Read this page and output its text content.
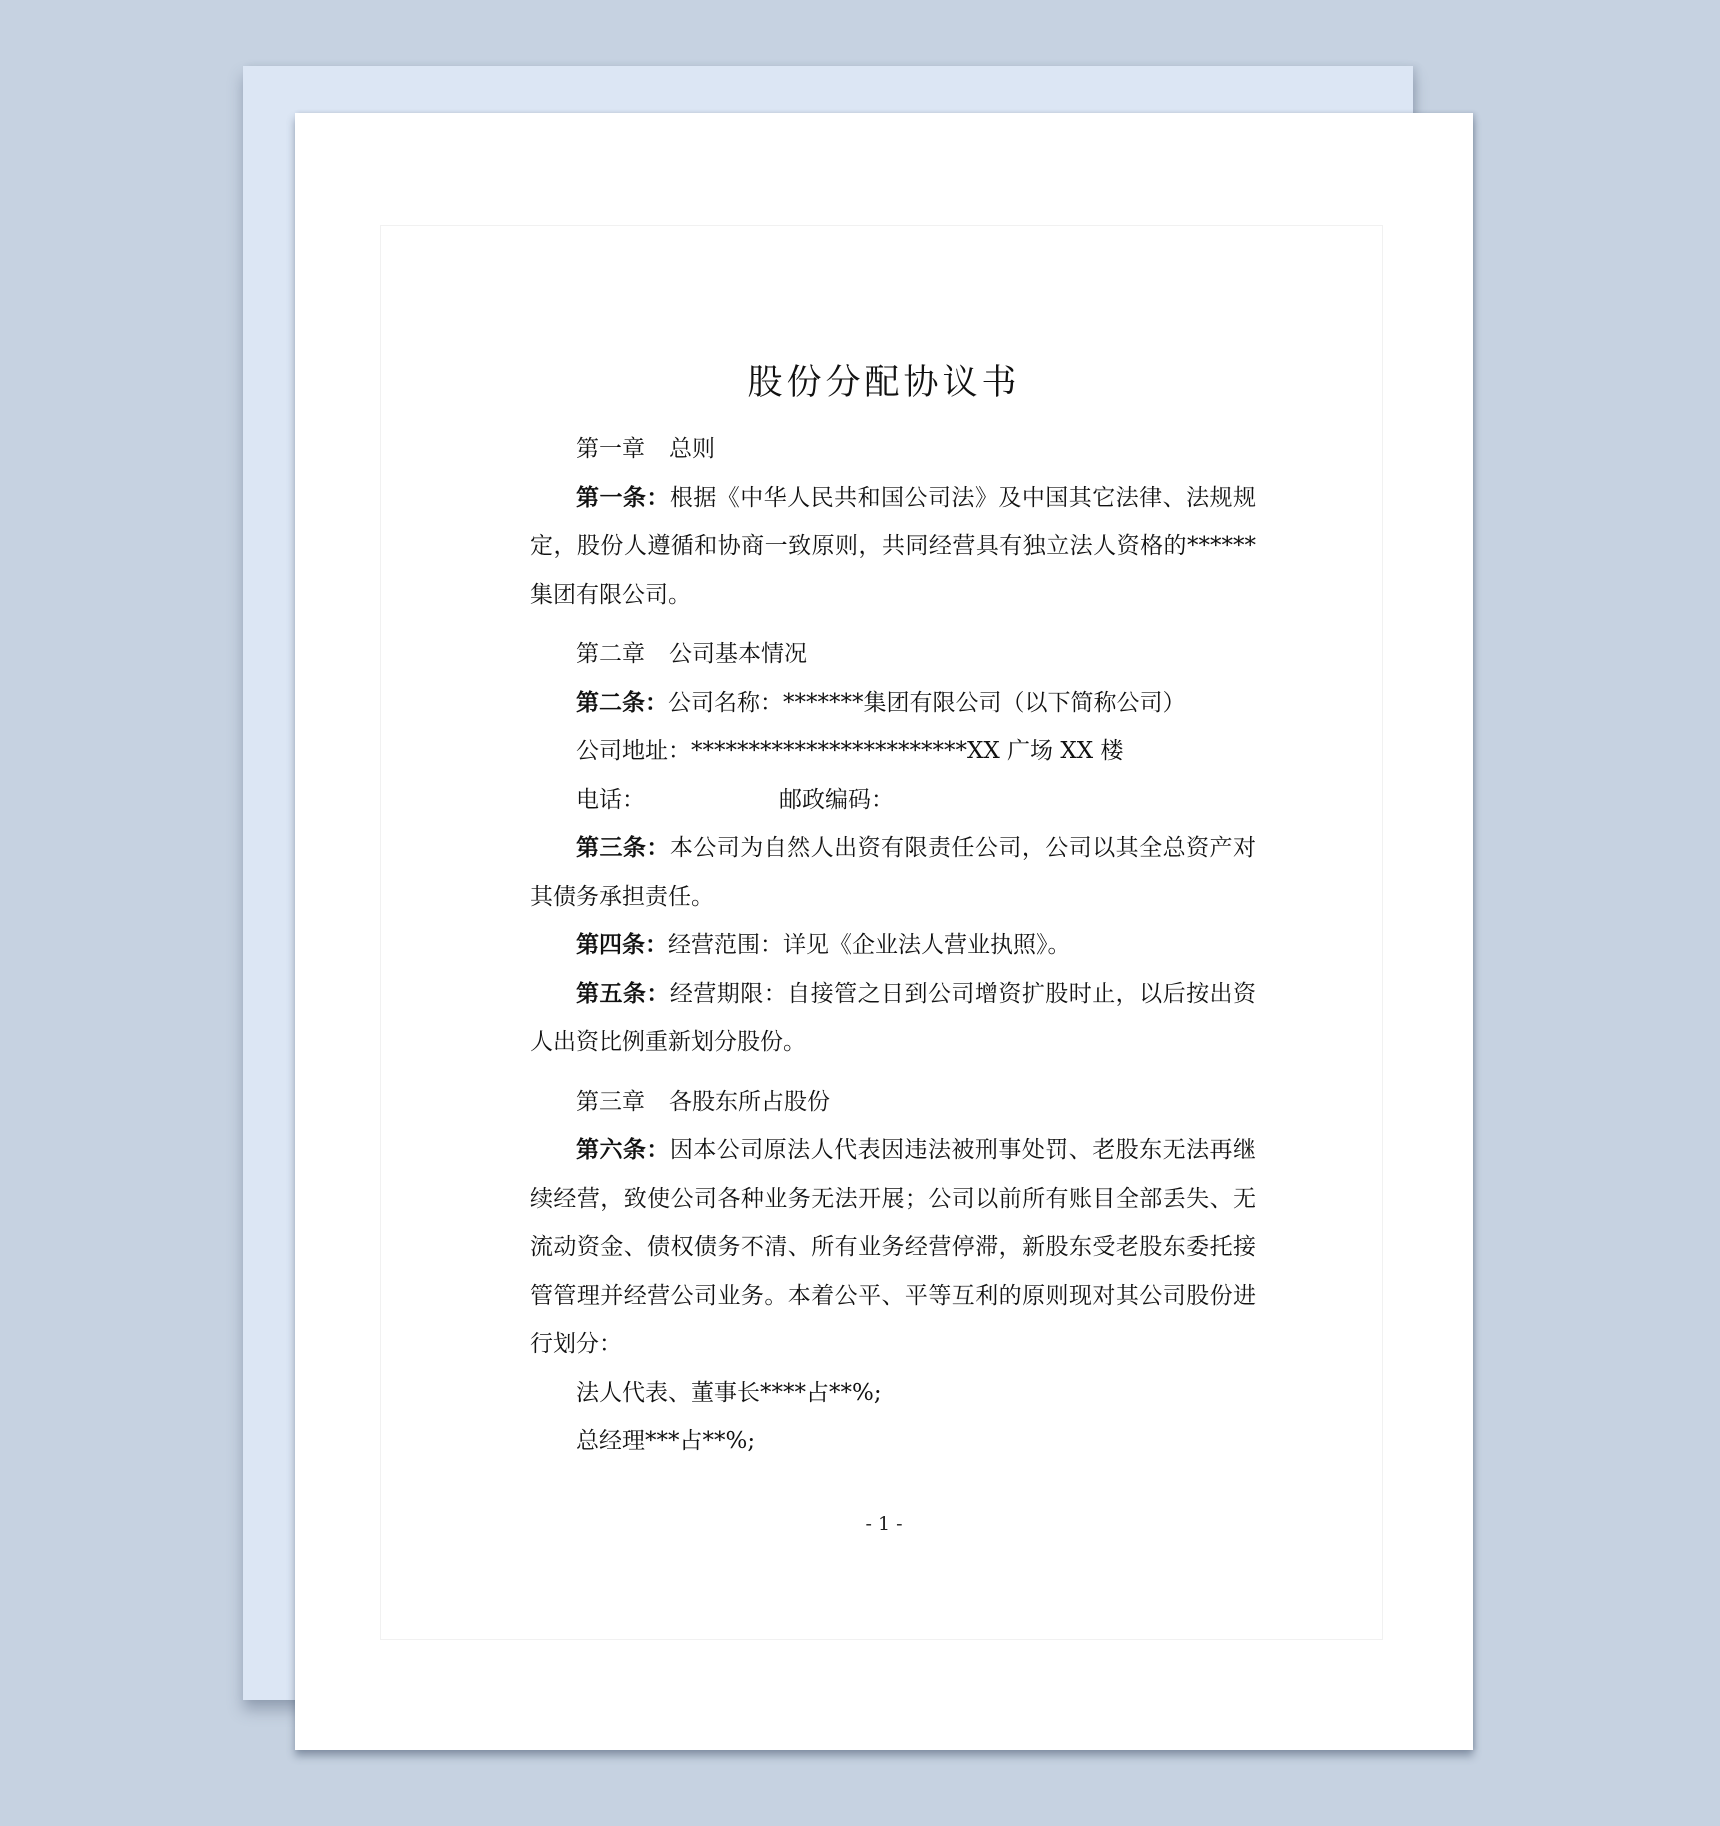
股份分配协议书

第一章 总则

第一条：根据《中华人民共和国公司法》及中国其它法律、法规规定，股份人遵循和协商一致原则，共同经营具有独立法人资格的******集团有限公司。

第二章 公司基本情况

第二条：公司名称：*******集团有限公司（以下简称公司）

公司地址：************************XX 广场 XX 楼

电话：	邮政编码：

第三条：本公司为自然人出资有限责任公司，公司以其全总资产对其债务承担责任。

第四条：经营范围：详见《企业法人营业执照》。

第五条：经营期限：自接管之日到公司增资扩股时止，以后按出资人出资比例重新划分股份。

第三章 各股东所占股份

第六条：因本公司原法人代表因违法被刑事处罚、老股东无法再继续经营，致使公司各种业务无法开展；公司以前所有账目全部丢失、无流动资金、债权债务不清、所有业务经营停滞，新股东受老股东委托接管管理并经营公司业务。本着公平、平等互利的原则现对其公司股份进行划分：

法人代表、董事长****占**%;

总经理***占**%;

- 1 -
